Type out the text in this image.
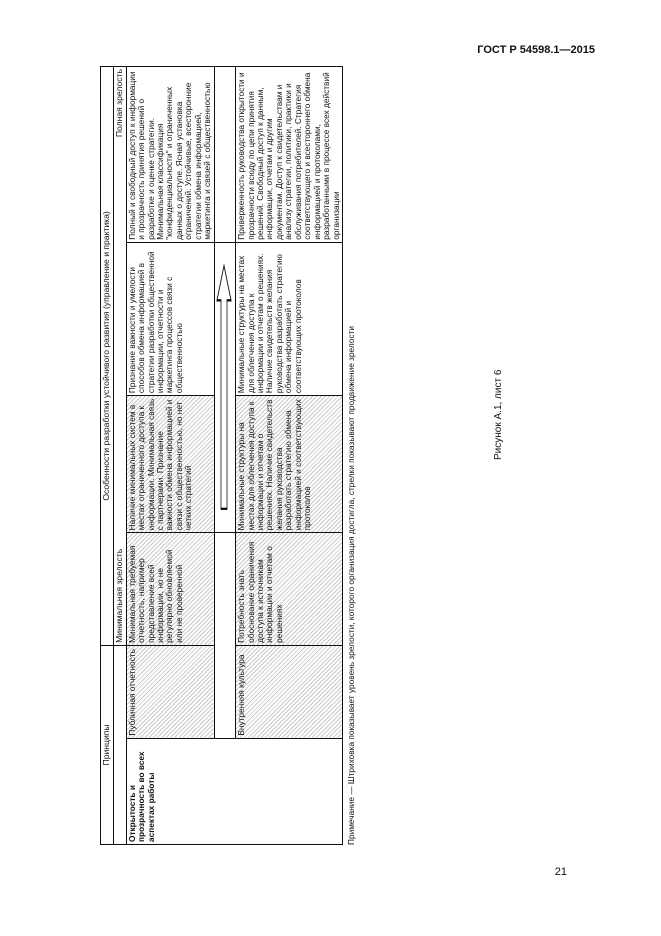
ГОСТ Р 54598.1—2015
Принципы		Особенности разработки устойчивого развития (управление и практика)			

		Минимальная зрелость
Полная зрелость			

Открытость и прозрачность во всех аспектах работы	Публичная отчетность	Минимальная требуемая отчетность, например представление всей информации, но не регулярно обновляемой или не проверенной	Наличие минимальных систем в местах ограниченного доступа к информации. Минимальная связь с партнерами. Признание важности обмена информацией и связи с общественностью, но нет четких стратегий	Признание важности и умелости способов обмена информацией в стратегии разработки общественной информации, отчетности и маркетинга процессов связи с общественностью	Полный и свободный доступ к информации и прозрачность принятия решений о разработке и оценке стратегии. Минимальная классификация "конфиденциальности" и ограниченных данных о доступе. Ясная установка ограничений. Устойчивые, всесторонние стратегии обмена информацией, маркетинга и связей с общественностью

	Внутренняя культура	Потребность знать обоснование ограничения доступа к источникам информации и отчетам о решениях	Минимальные структуры на местах для облегчения доступа к информации и отчетам о решениях. Наличие свидетельств желания руководства разработать стратегию обмена информацией и соответствующих протоколов	Минимальные структуры на местах для облегчения доступа к информации и отчетам о решениях. Наличие свидетельств желания руководства разработать стратегию обмена информацией и соответствующих протоколов	Приверженность руководства открытости и прозрачности всюду по цепи принятия решений. Свободный доступ к данным, информации, отчетам и другим документам. Доступ к свидетельствам и анализу стратегии, политики, практики и обслуживания потребителей. Стратегия соответствующего и всестороннего обмена информацией и протоколами, разработанными в процессе всех действий организации
Примечание — Штриховка показывает уровень зрелости, которого организация достигла, стрелки показывают продвижение зрелости	Рисунок А.1, лист 6
21
